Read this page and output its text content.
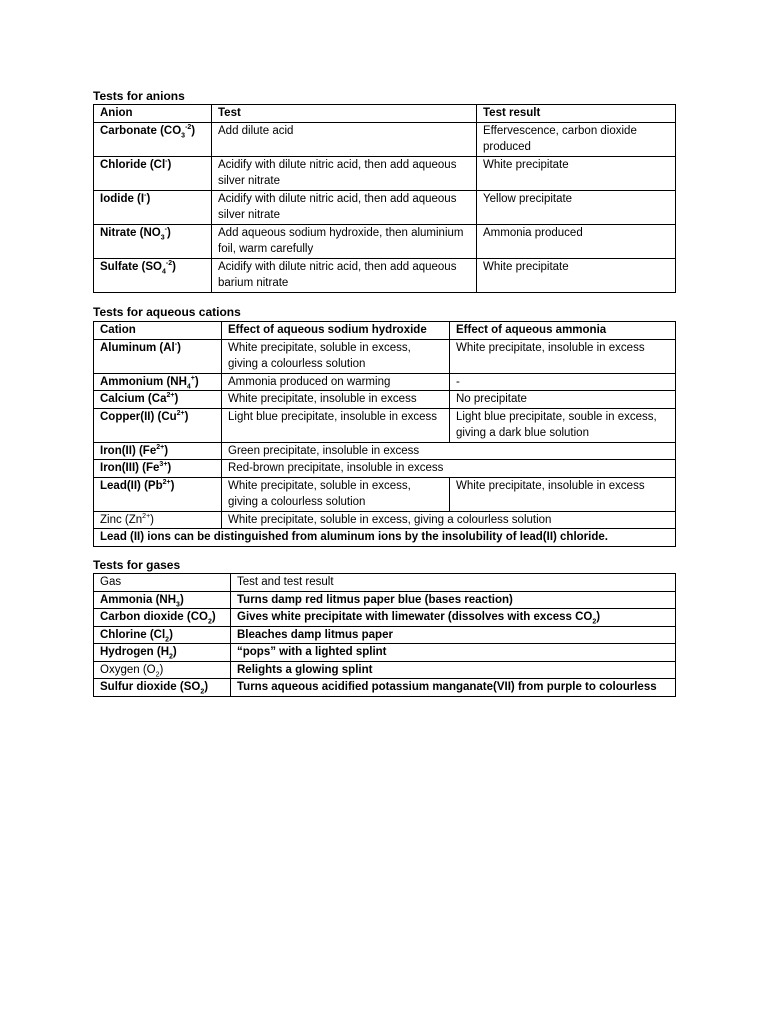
Tests for anions
Anion	Test	Test result
Carbonate $(CO_3^{-2})$	Add dilute acid	Effervescence, carbon dioxide produced
Chloride (Cl-)	Acidify with dilute nitric acid, then add aqueous silver nitrate	White precipitate
Iodide (I-)	Acidify with dilute nitric acid, then add aqueous silver nitrate	Yellow precipitate
Nitrate $(NO_3^-)$	Add aqueous sodium hydroxide, then aluminium foil, warm carefully	Ammonia produced
Sulfate $(SO_4^{-2})$	Acidify with dilute nitric acid, then add aqueous barium nitrate	White precipitate
Tests for aqueous cations
Cation	Effect of aqueous sodium hydroxide	Effect of aqueous ammonia
Aluminum (Al-)	White precipitate, soluble in excess, giving a colourless solution	White precipitate, insoluble in excess
Ammonium $(NH_4^+)$	Ammonia produced on warming	-
Calcium $(Ca^{2+})$	White precipitate, insoluble in excess	No precipitate
Copper(II) $(Cu^{2+})$	Light blue precipitate, insoluble in excess	Light blue precipitate, souble in excess, giving a dark blue solution
Iron(II) $(Fe^{2+})$	Green precipitate, insoluble in excess	
Iron(III) $(Fe^{3+})$	Red-brown precipitate, insoluble in excess	
Lead(II) $(Pb^{2+})$	White precipitate, soluble in excess, giving a colourless solution	White precipitate, insoluble in excess
Zinc $(Zn^{2+})$	White precipitate, soluble in excess, giving a colourless solution	
Lead (II) ions can be distinguished from aluminum ions by the insolubility of lead(II) chloride.		
Tests for gases
Gas	Test and test result
Ammonia $(NH_3)$	Turns damp red litmus paper blue (bases reaction)
Carbon dioxide $(CO_2)$	Gives white precipitate with limewater (dissolves with excess $CO_2$)
Chlorine $(Cl_2)$	Bleaches damp litmus paper
Hydrogen $(H_2)$	“pops” with a lighted splint
Oxygen $(O_2)$	Relights a glowing splint
Sulfur dioxide $(SO_2)$	Turns aqueous acidified potassium manganate(VII) from purple to colourless
